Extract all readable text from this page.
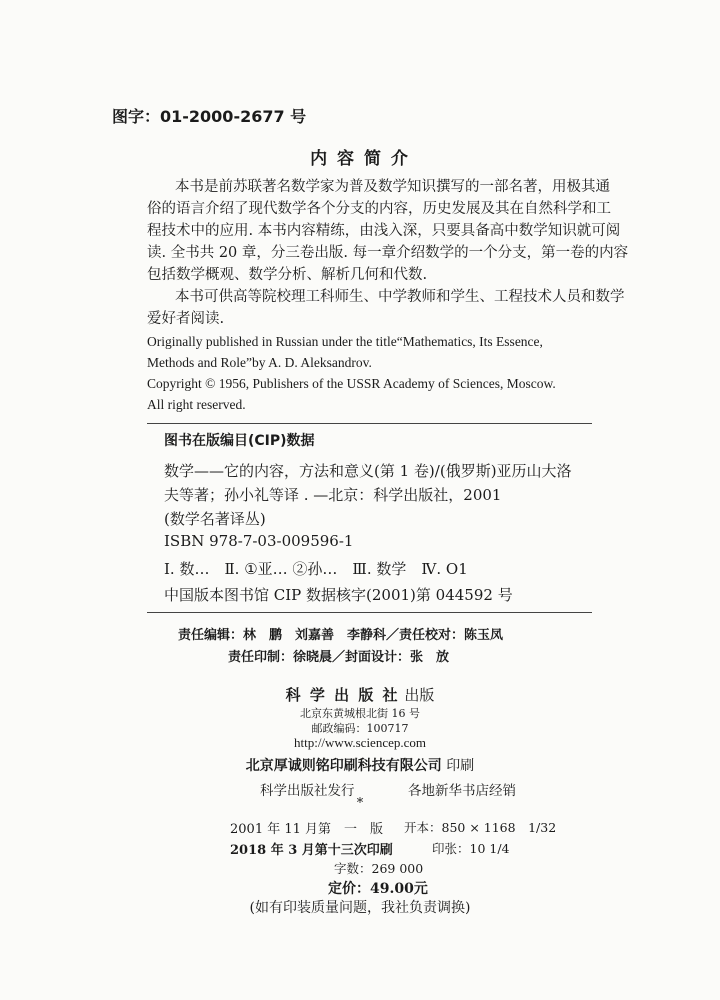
图字：01-2000-2677 号
内 容 简 介
本书是前苏联著名数学家为普及数学知识撰写的一部名著，用极其通
俗的语言介绍了现代数学各个分支的内容，历史发展及其在自然科学和工
程技术中的应用. 本书内容精练，由浅入深，只要具备高中数学知识就可阅
读. 全书共 20 章，分三卷出版. 每一章介绍数学的一个分支，第一卷的内容
包括数学概观、数学分析、解析几何和代数.
本书可供高等院校理工科师生、中学教师和学生、工程技术人员和数学
爱好者阅读.
Originally published in Russian under the title“Mathematics, Its Essence,
Methods and Role”by A. D. Aleksandrov.
Copyright © 1956, Publishers of the USSR Academy of Sciences, Moscow.
All right reserved.
图书在版编目(CIP)数据
数学——它的内容，方法和意义(第 1 卷)/(俄罗斯)亚历山大洛
夫等著；孙小礼等译 . —北京：科学出版社，2001
(数学名著译丛)
ISBN 978-7-03-009596-1
Ⅰ. 数…　Ⅱ. ①亚… ②孙…　Ⅲ. 数学　Ⅳ. O1
中国版本图书馆 CIP 数据核字(2001)第 044592 号
责任编辑：林　鹏　刘嘉善　李静科／责任校对：陈玉凤
责任印制：徐晓晨／封面设计：张　放
科 学 出 版 社 出版
北京东黄城根北街 16 号
邮政编码：100717
http://www.sciencep.com
北京厚诚则铭印刷科技有限公司 印刷
科学出版社发行	各地新华书店经销
*
2001 年 11 月第　一　版 开本：850 × 1168　1/32
2018 年 3 月第十三次印刷	印张：10 1/4
字数：269 000
定价：49.00元
(如有印装质量问题，我社负责调换)
